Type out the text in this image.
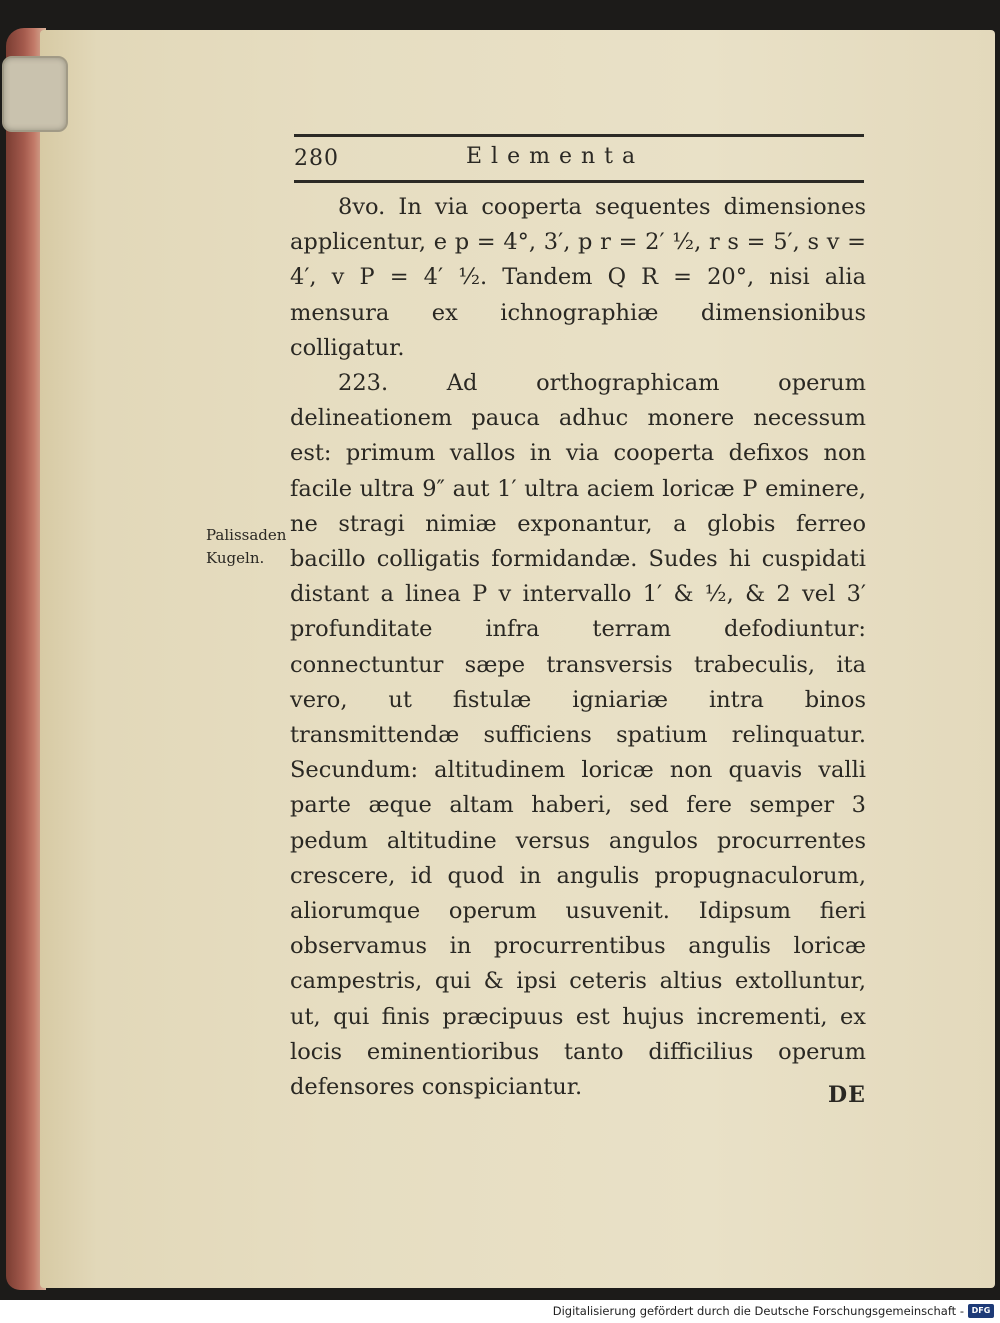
280	Elementa

8vo. In via cooperta sequentes dimensiones applicentur, e p = 4°, 3′, p r = 2′ ½, r s = 5′, s v = 4′, v P = 4′ ½. Tandem Q R = 20°, nisi alia mensura ex ichnographiæ dimensionibus colligatur.

223. Ad orthographicam operum delineationem pauca adhuc monere necessum est: primum vallos in via cooperta defixos non facile ultra 9″ aut 1′ ultra aciem loricæ P eminere, ne stragi nimiæ exponantur, a globis ferreo bacillo colligatis formidandæ. Sudes hi cuspidati distant a linea P v intervallo 1′ & ½, & 2 vel 3′ profunditate infra terram defodiuntur: connectuntur sæpe transversis trabeculis, ita vero, ut fistulæ igniariæ intra binos transmittendæ sufficiens spatium relinquatur. Secundum: altitudinem loricæ non quavis valli parte æque altam haberi, sed fere semper 3 pedum altitudine versus angulos procurrentes crescere, id quod in angulis propugnaculorum, aliorumque operum usuvenit. Idipsum fieri observamus in procurrentibus angulis loricæ campestris, qui & ipsi ceteris altius extolluntur, ut, qui finis præcipuus est hujus incrementi, ex locis eminentioribus tanto difficilius operum defensores conspiciantur.

Palissaden
Kugeln.
DE
Digitalisierung gefördert durch die Deutsche Forschungsgemeinschaft - DFG
